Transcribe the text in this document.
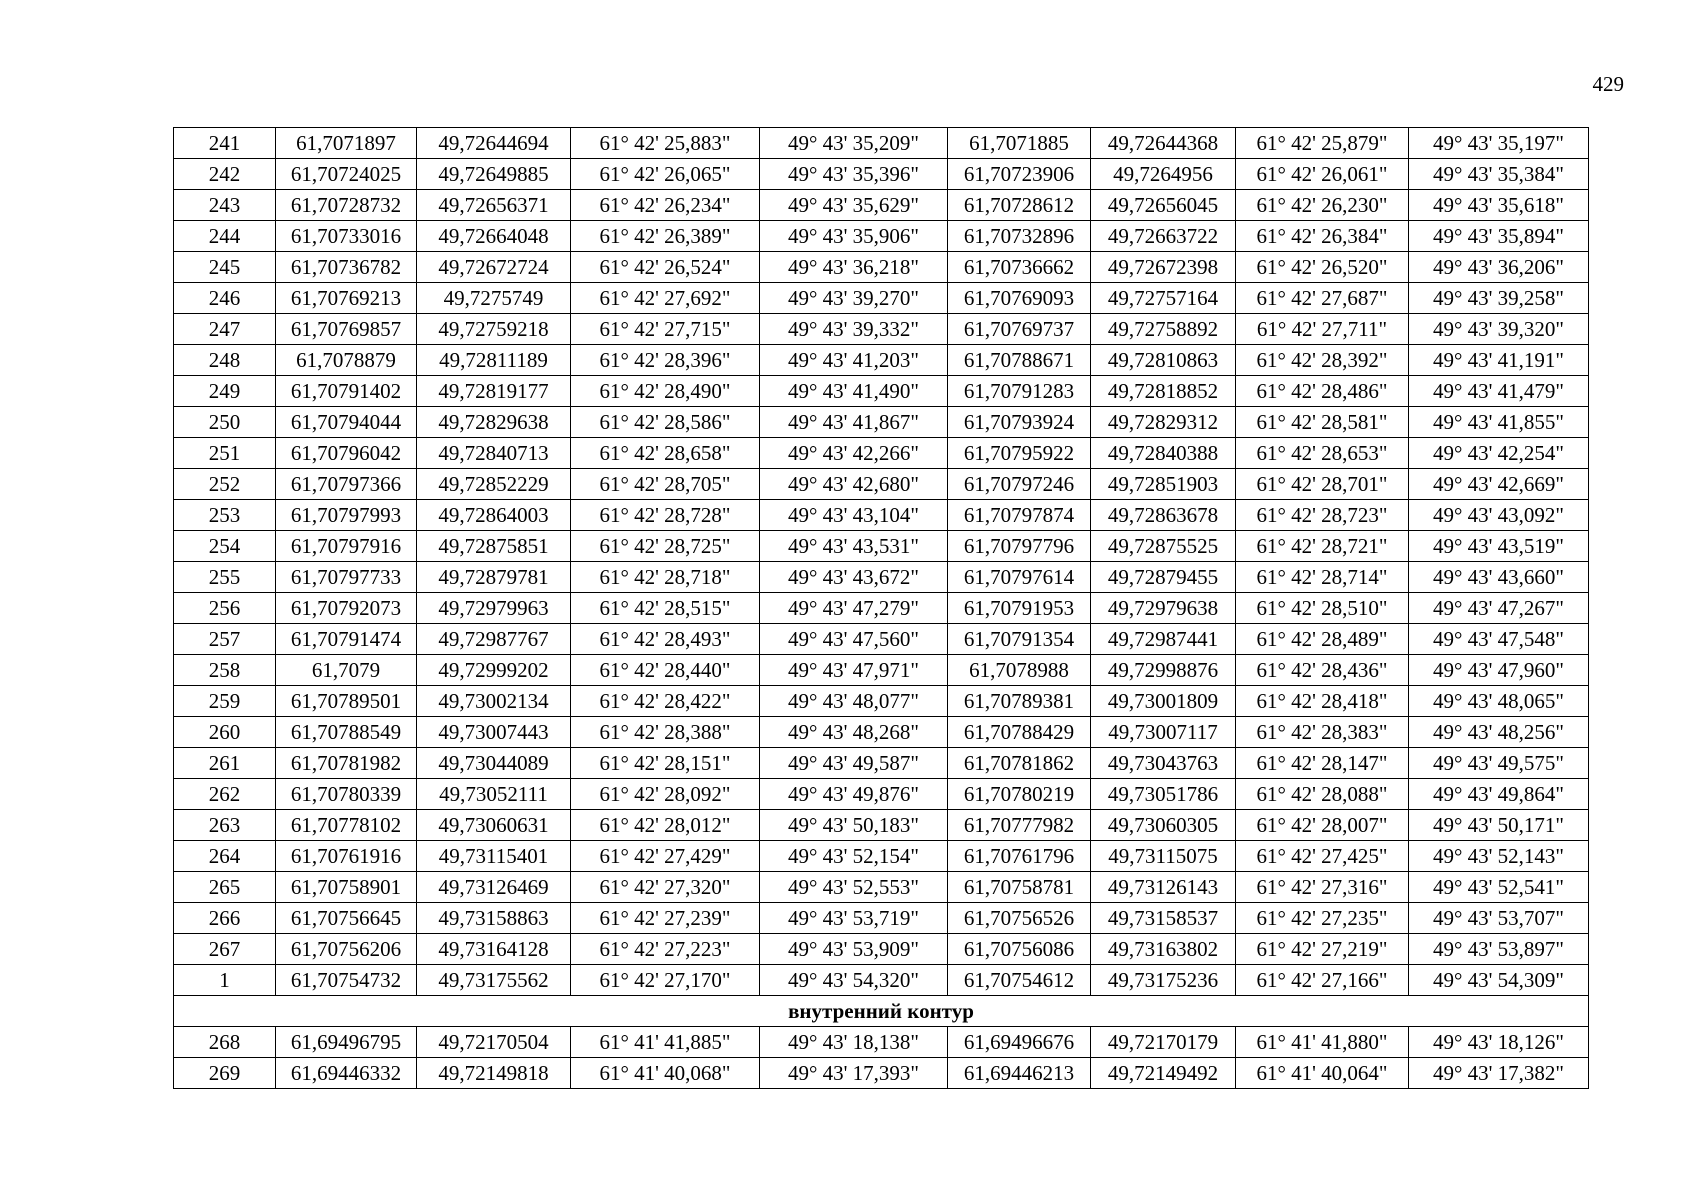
429
241	61,7071897	49,72644694	61° 42' 25,883"	49° 43' 35,209"	61,7071885	49,72644368	61° 42' 25,879"	49° 43' 35,197"
242	61,70724025	49,72649885	61° 42' 26,065"	49° 43' 35,396"	61,70723906	49,7264956	61° 42' 26,061"	49° 43' 35,384"
243	61,70728732	49,72656371	61° 42' 26,234"	49° 43' 35,629"	61,70728612	49,72656045	61° 42' 26,230"	49° 43' 35,618"
244	61,70733016	49,72664048	61° 42' 26,389"	49° 43' 35,906"	61,70732896	49,72663722	61° 42' 26,384"	49° 43' 35,894"
245	61,70736782	49,72672724	61° 42' 26,524"	49° 43' 36,218"	61,70736662	49,72672398	61° 42' 26,520"	49° 43' 36,206"
246	61,70769213	49,7275749	61° 42' 27,692"	49° 43' 39,270"	61,70769093	49,72757164	61° 42' 27,687"	49° 43' 39,258"
247	61,70769857	49,72759218	61° 42' 27,715"	49° 43' 39,332"	61,70769737	49,72758892	61° 42' 27,711"	49° 43' 39,320"
248	61,7078879	49,72811189	61° 42' 28,396"	49° 43' 41,203"	61,70788671	49,72810863	61° 42' 28,392"	49° 43' 41,191"
249	61,70791402	49,72819177	61° 42' 28,490"	49° 43' 41,490"	61,70791283	49,72818852	61° 42' 28,486"	49° 43' 41,479"
250	61,70794044	49,72829638	61° 42' 28,586"	49° 43' 41,867"	61,70793924	49,72829312	61° 42' 28,581"	49° 43' 41,855"
251	61,70796042	49,72840713	61° 42' 28,658"	49° 43' 42,266"	61,70795922	49,72840388	61° 42' 28,653"	49° 43' 42,254"
252	61,70797366	49,72852229	61° 42' 28,705"	49° 43' 42,680"	61,70797246	49,72851903	61° 42' 28,701"	49° 43' 42,669"
253	61,70797993	49,72864003	61° 42' 28,728"	49° 43' 43,104"	61,70797874	49,72863678	61° 42' 28,723"	49° 43' 43,092"
254	61,70797916	49,72875851	61° 42' 28,725"	49° 43' 43,531"	61,70797796	49,72875525	61° 42' 28,721"	49° 43' 43,519"
255	61,70797733	49,72879781	61° 42' 28,718"	49° 43' 43,672"	61,70797614	49,72879455	61° 42' 28,714"	49° 43' 43,660"
256	61,70792073	49,72979963	61° 42' 28,515"	49° 43' 47,279"	61,70791953	49,72979638	61° 42' 28,510"	49° 43' 47,267"
257	61,70791474	49,72987767	61° 42' 28,493"	49° 43' 47,560"	61,70791354	49,72987441	61° 42' 28,489"	49° 43' 47,548"
258	61,7079	49,72999202	61° 42' 28,440"	49° 43' 47,971"	61,7078988	49,72998876	61° 42' 28,436"	49° 43' 47,960"
259	61,70789501	49,73002134	61° 42' 28,422"	49° 43' 48,077"	61,70789381	49,73001809	61° 42' 28,418"	49° 43' 48,065"
260	61,70788549	49,73007443	61° 42' 28,388"	49° 43' 48,268"	61,70788429	49,73007117	61° 42' 28,383"	49° 43' 48,256"
261	61,70781982	49,73044089	61° 42' 28,151"	49° 43' 49,587"	61,70781862	49,73043763	61° 42' 28,147"	49° 43' 49,575"
262	61,70780339	49,73052111	61° 42' 28,092"	49° 43' 49,876"	61,70780219	49,73051786	61° 42' 28,088"	49° 43' 49,864"
263	61,70778102	49,73060631	61° 42' 28,012"	49° 43' 50,183"	61,70777982	49,73060305	61° 42' 28,007"	49° 43' 50,171"
264	61,70761916	49,73115401	61° 42' 27,429"	49° 43' 52,154"	61,70761796	49,73115075	61° 42' 27,425"	49° 43' 52,143"
265	61,70758901	49,73126469	61° 42' 27,320"	49° 43' 52,553"	61,70758781	49,73126143	61° 42' 27,316"	49° 43' 52,541"
266	61,70756645	49,73158863	61° 42' 27,239"	49° 43' 53,719"	61,70756526	49,73158537	61° 42' 27,235"	49° 43' 53,707"
267	61,70756206	49,73164128	61° 42' 27,223"	49° 43' 53,909"	61,70756086	49,73163802	61° 42' 27,219"	49° 43' 53,897"
1	61,70754732	49,73175562	61° 42' 27,170"	49° 43' 54,320"	61,70754612	49,73175236	61° 42' 27,166"	49° 43' 54,309"
внутренний контур								
268	61,69496795	49,72170504	61° 41' 41,885"	49° 43' 18,138"	61,69496676	49,72170179	61° 41' 41,880"	49° 43' 18,126"
269	61,69446332	49,72149818	61° 41' 40,068"	49° 43' 17,393"	61,69446213	49,72149492	61° 41' 40,064"	49° 43' 17,382"
